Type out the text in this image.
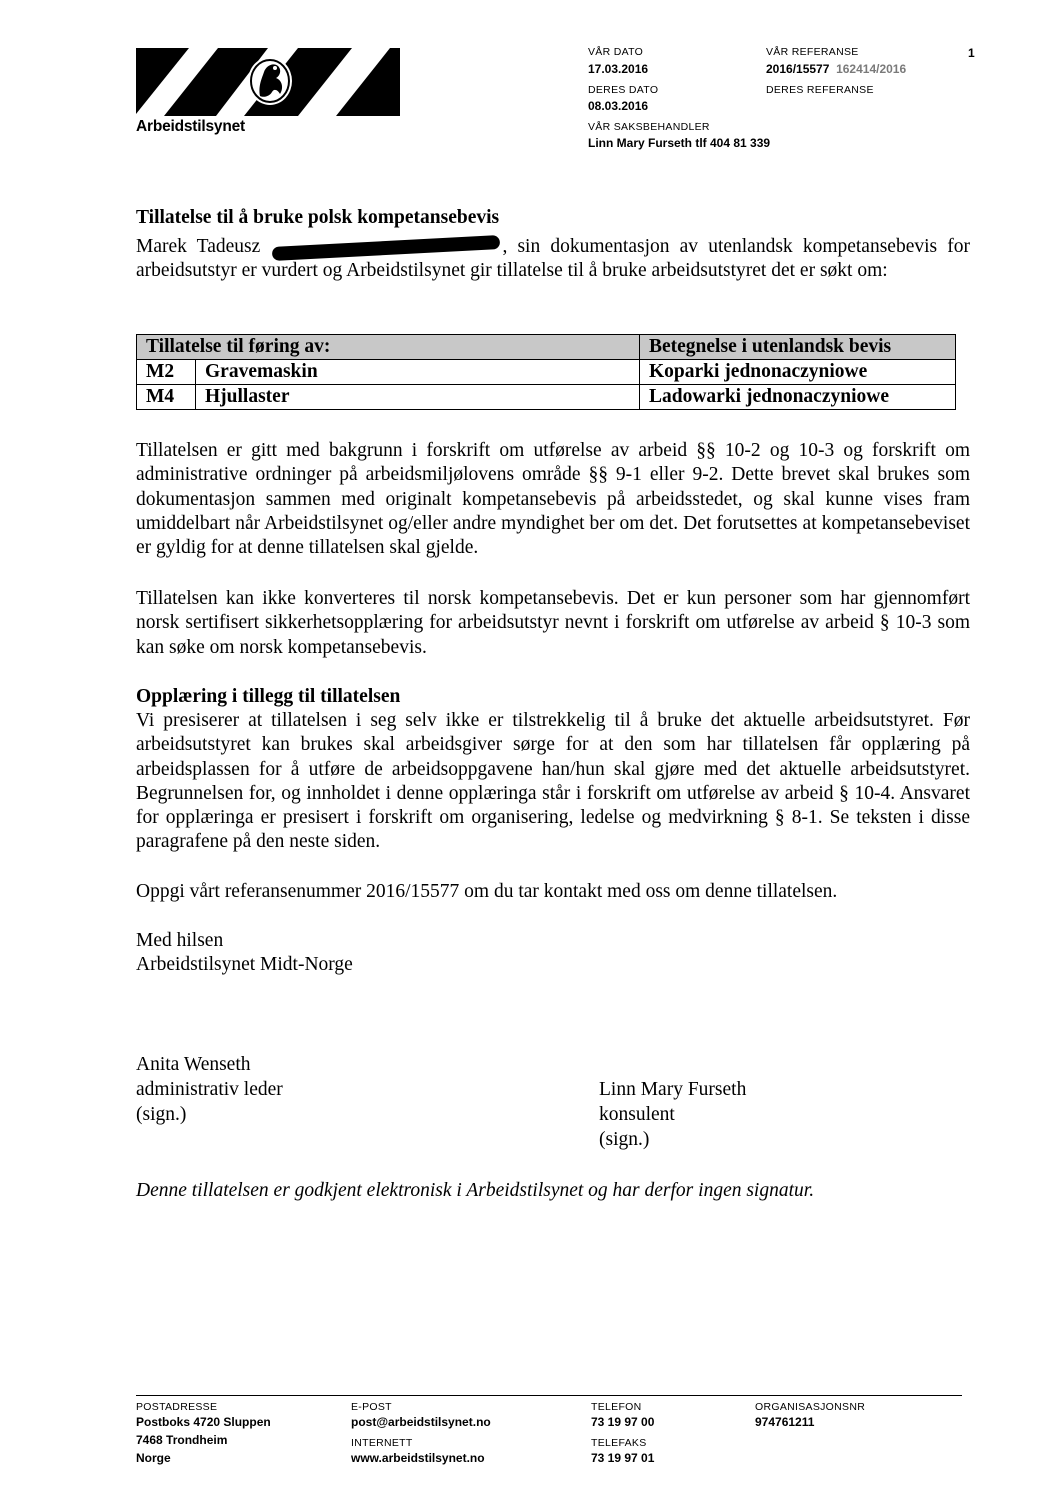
Arbeidstilsynet
VÅR DATO
17.03.2016
DERES DATO
08.03.2016
VÅR SAKSBEHANDLER
Linn Mary Furseth tlf 404 81 339
VÅR REFERANSE
2016/15577 162414/2016
DERES REFERANSE
1
Tillatelse til å bruke polsk kompetansebevis
Marek Tadeusz	, sin dokumentasjon av utenlandsk kompetansebevis for arbeidsutstyr er vurdert og Arbeidstilsynet gir tillatelse til å bruke arbeidsutstyret det er søkt om:
Tillatelse til føring av:		Betegnelse i utenlandsk bevis
M2	Gravemaskin	Koparki jednonaczyniowe
M4	Hjullaster	Ladowarki jednonaczyniowe
Tillatelsen er gitt med bakgrunn i forskrift om utførelse av arbeid §§ 10-2 og 10-3 og forskrift om administrative ordninger på arbeidsmiljølovens område §§ 9-1 eller 9-2. Dette brevet skal brukes som dokumentasjon sammen med originalt kompetansebevis på arbeidsstedet, og skal kunne vises fram umiddelbart når Arbeidstilsynet og/eller andre myndighet ber om det. Det forutsettes at kompetansebeviset er gyldig for at denne tillatelsen skal gjelde.
Tillatelsen kan ikke konverteres til norsk kompetansebevis. Det er kun personer som har gjennomført norsk sertifisert sikkerhetsopplæring for arbeidsutstyr nevnt i forskrift om utførelse av arbeid § 10-3 som kan søke om norsk kompetansebevis.
Opplæring i tillegg til tillatelsen
Vi presiserer at tillatelsen i seg selv ikke er tilstrekkelig til å bruke det aktuelle arbeidsutstyret. Før arbeidsutstyret kan brukes skal arbeidsgiver sørge for at den som har tillatelsen får opplæring på arbeidsplassen for å utføre de arbeidsoppgavene han/hun skal gjøre med det aktuelle arbeidsutstyret. Begrunnelsen for, og innholdet i denne opplæringa står i forskrift om utførelse av arbeid § 10-4. Ansvaret for opplæringa er presisert i forskrift om organisering, ledelse og medvirkning § 8-1. Se teksten i disse paragrafene på den neste siden.
Oppgi vårt referansenummer 2016/15577 om du tar kontakt med oss om denne tillatelsen.
Med hilsen
Arbeidstilsynet Midt-Norge
Anita Wenseth
administrativ leder
(sign.)
Linn Mary Furseth
konsulent
(sign.)
Denne tillatelsen er godkjent elektronisk i Arbeidstilsynet og har derfor ingen signatur.
POSTADRESSE
Postboks 4720 Sluppen
7468 Trondheim
Norge
E-POST
post@arbeidstilsynet.no
INTERNETT
www.arbeidstilsynet.no
TELEFON
73 19 97 00
TELEFAKS
73 19 97 01
ORGANISASJONSNR
974761211
